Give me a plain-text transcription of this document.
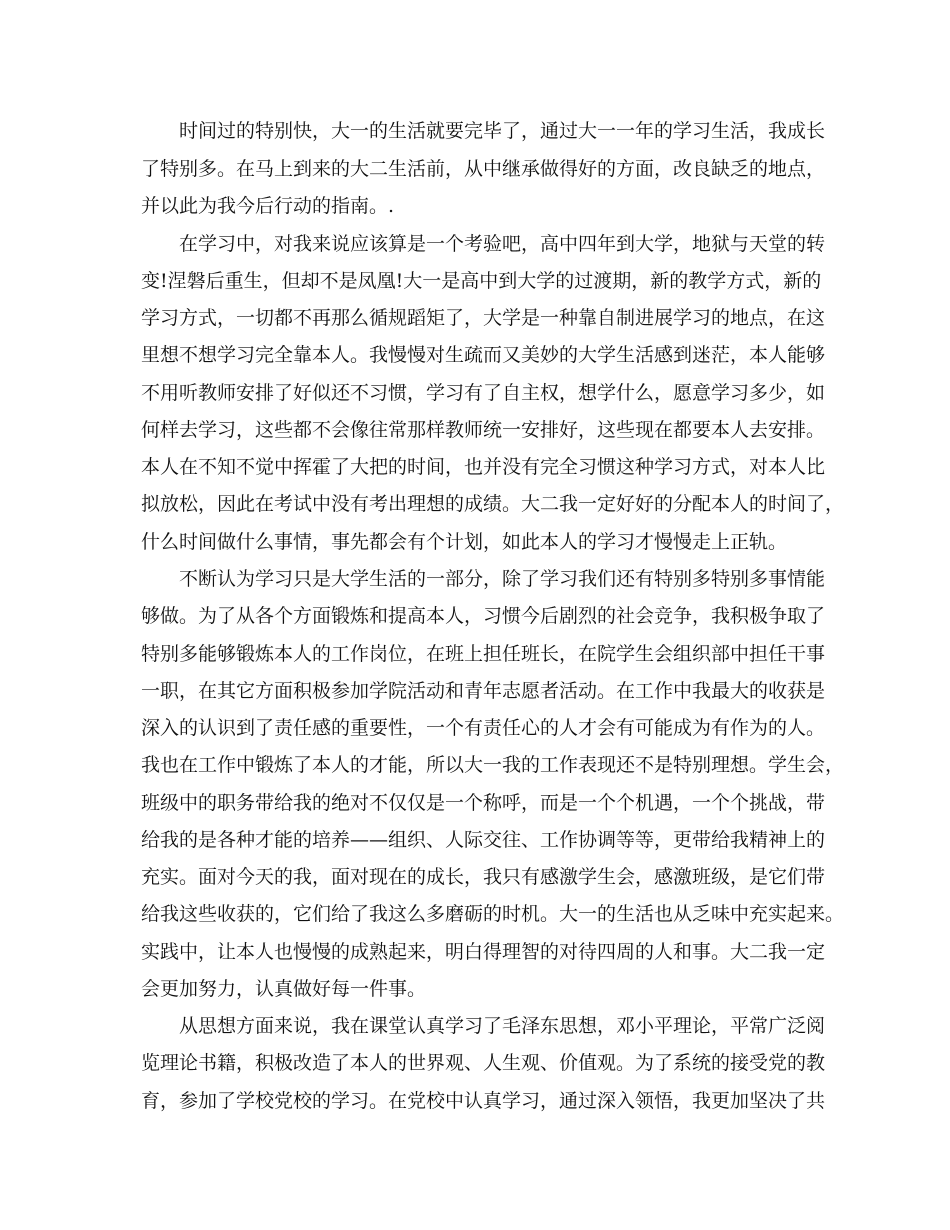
时间过的特别快，大一的生活就要完毕了，通过大一一年的学习生活，我成长
了特别多。在马上到来的大二生活前，从中继承做得好的方面，改良缺乏的地点，
并以此为我今后行动的指南。.
在学习中，对我来说应该算是一个考验吧，高中四年到大学，地狱与天堂的转
变!涅磐后重生，但却不是凤凰!大一是高中到大学的过渡期，新的教学方式，新的
学习方式，一切都不再那么循规蹈矩了，大学是一种靠自制进展学习的地点，在这
里想不想学习完全靠本人。我慢慢对生疏而又美妙的大学生活感到迷茫，本人能够
不用听教师安排了好似还不习惯，学习有了自主权，想学什么，愿意学习多少，如
何样去学习，这些都不会像往常那样教师统一安排好，这些现在都要本人去安排。
本人在不知不觉中挥霍了大把的时间，也并没有完全习惯这种学习方式，对本人比
拟放松，因此在考试中没有考出理想的成绩。大二我一定好好的分配本人的时间了，
什么时间做什么事情，事先都会有个计划，如此本人的学习才慢慢走上正轨。
不断认为学习只是大学生活的一部分，除了学习我们还有特别多特别多事情能
够做。为了从各个方面锻炼和提高本人，习惯今后剧烈的社会竞争，我积极争取了
特别多能够锻炼本人的工作岗位，在班上担任班长，在院学生会组织部中担任干事
一职，在其它方面积极参加学院活动和青年志愿者活动。在工作中我最大的收获是
深入的认识到了责任感的重要性，一个有责任心的人才会有可能成为有作为的人。
我也在工作中锻炼了本人的才能，所以大一我的工作表现还不是特别理想。学生会，
班级中的职务带给我的绝对不仅仅是一个称呼，而是一个个机遇，一个个挑战，带
给我的是各种才能的培养——组织、人际交往、工作协调等等，更带给我精神上的
充实。面对今天的我，面对现在的成长，我只有感激学生会，感激班级，是它们带
给我这些收获的，它们给了我这么多磨砺的时机。大一的生活也从乏味中充实起来。
实践中，让本人也慢慢的成熟起来，明白得理智的对待四周的人和事。大二我一定
会更加努力，认真做好每一件事。
从思想方面来说，我在课堂认真学习了毛泽东思想，邓小平理论，平常广泛阅
览理论书籍，积极改造了本人的世界观、人生观、价值观。为了系统的接受党的教
育，参加了学校党校的学习。在党校中认真学习，通过深入领悟，我更加坚决了共
